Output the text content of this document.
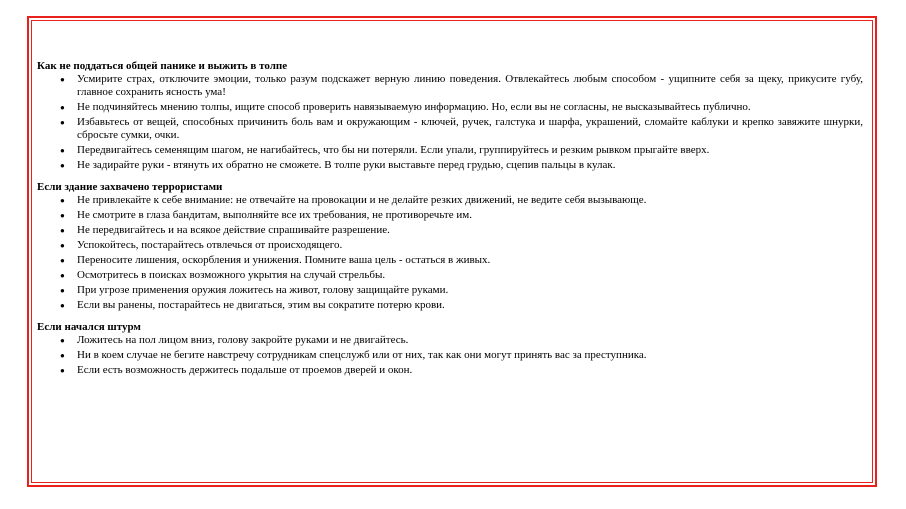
Как не поддаться общей панике и выжить в толпе

● Усмирите страх, отключите эмоции, только разум подскажет верную линию поведения. Отвлекайтесь любым способом - ущипните себя за щеку, прикусите губу, главное сохранить ясность ума!
● Не подчиняйтесь мнению толпы, ищите способ проверить навязываемую информацию. Но, если вы не согласны, не высказывайтесь публично.
● Избавьтесь от вещей, способных причинить боль вам и окружающим - ключей, ручек, галстука и шарфа, украшений, сломайте каблуки и крепко завяжите шнурки, сбросьте сумки, очки.
● Передвигайтесь семенящим шагом, не нагибайтесь, что бы ни потеряли. Если упали, группируйтесь и резким рывком прыгайте вверх.
● Не задирайте руки - втянуть их обратно не сможете. В толпе руки выставьте перед грудью, сцепив пальцы в кулак.

Если здание захвачено террористами

● Не привлекайте к себе внимание: не отвечайте на провокации и не делайте резких движений, не ведите себя вызывающе.
● Не смотрите в глаза бандитам, выполняйте все их требования, не противоречьте им.
● Не передвигайтесь и на всякое действие спрашивайте разрешение.
● Успокойтесь, постарайтесь отвлечься от происходящего.
● Переносите лишения, оскорбления и унижения. Помните ваша цель - остаться в живых.
● Осмотритесь в поисках возможного укрытия на случай стрельбы.
● При угрозе применения оружия ложитесь на живот, голову защищайте руками.
● Если вы ранены, постарайтесь не двигаться, этим вы сократите потерю крови.

Если начался штурм

● Ложитесь на пол лицом вниз, голову закройте руками и не двигайтесь.
● Ни в коем случае не бегите навстречу сотрудникам спецслужб или от них, так как они могут принять вас за преступника.
● Если есть возможность держитесь подальше от проемов дверей и окон.
